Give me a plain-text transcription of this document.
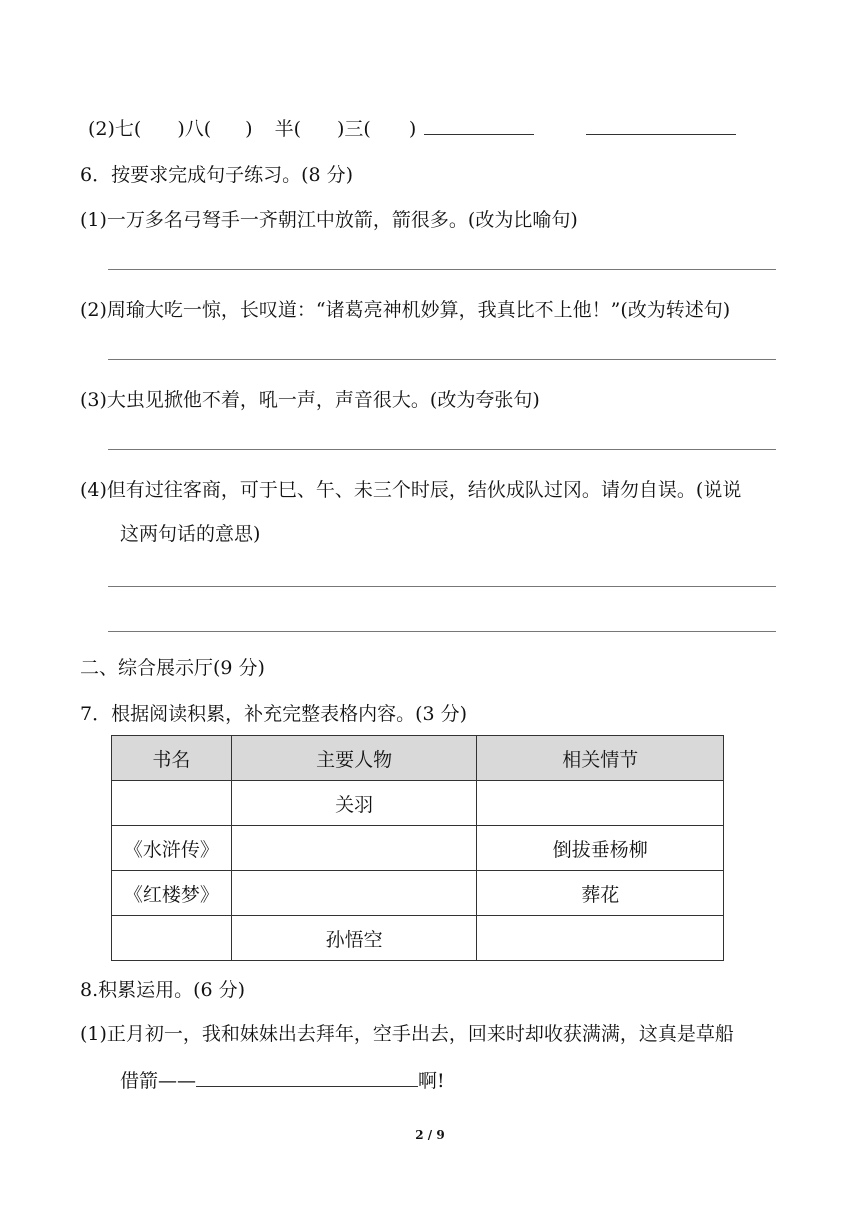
(2)七( )八( ) 半( )三( )
6．按要求完成句子练习。(8 分)
(1)一万多名弓弩手一齐朝江中放箭，箭很多。(改为比喻句)
(2)周瑜大吃一惊，长叹道：“诸葛亮神机妙算，我真比不上他！”(改为转述句)
(3)大虫见掀他不着，吼一声，声音很大。(改为夸张句)
(4)但有过往客商，可于巳、午、未三个时辰，结伙成队过冈。请勿自误。(说说
这两句话的意思)
二、综合展示厅(9 分)
7．根据阅读积累，补充完整表格内容。(3 分)
书名	主要人物	相关情节
	关羽	
《水浒传》		倒拔垂杨柳
《红楼梦》		葬花
	孙悟空	
8.积累运用。(6 分)
(1)正月初一，我和妹妹出去拜年，空手出去，回来时却收获满满，这真是草船
借箭——	啊!
2 / 9
